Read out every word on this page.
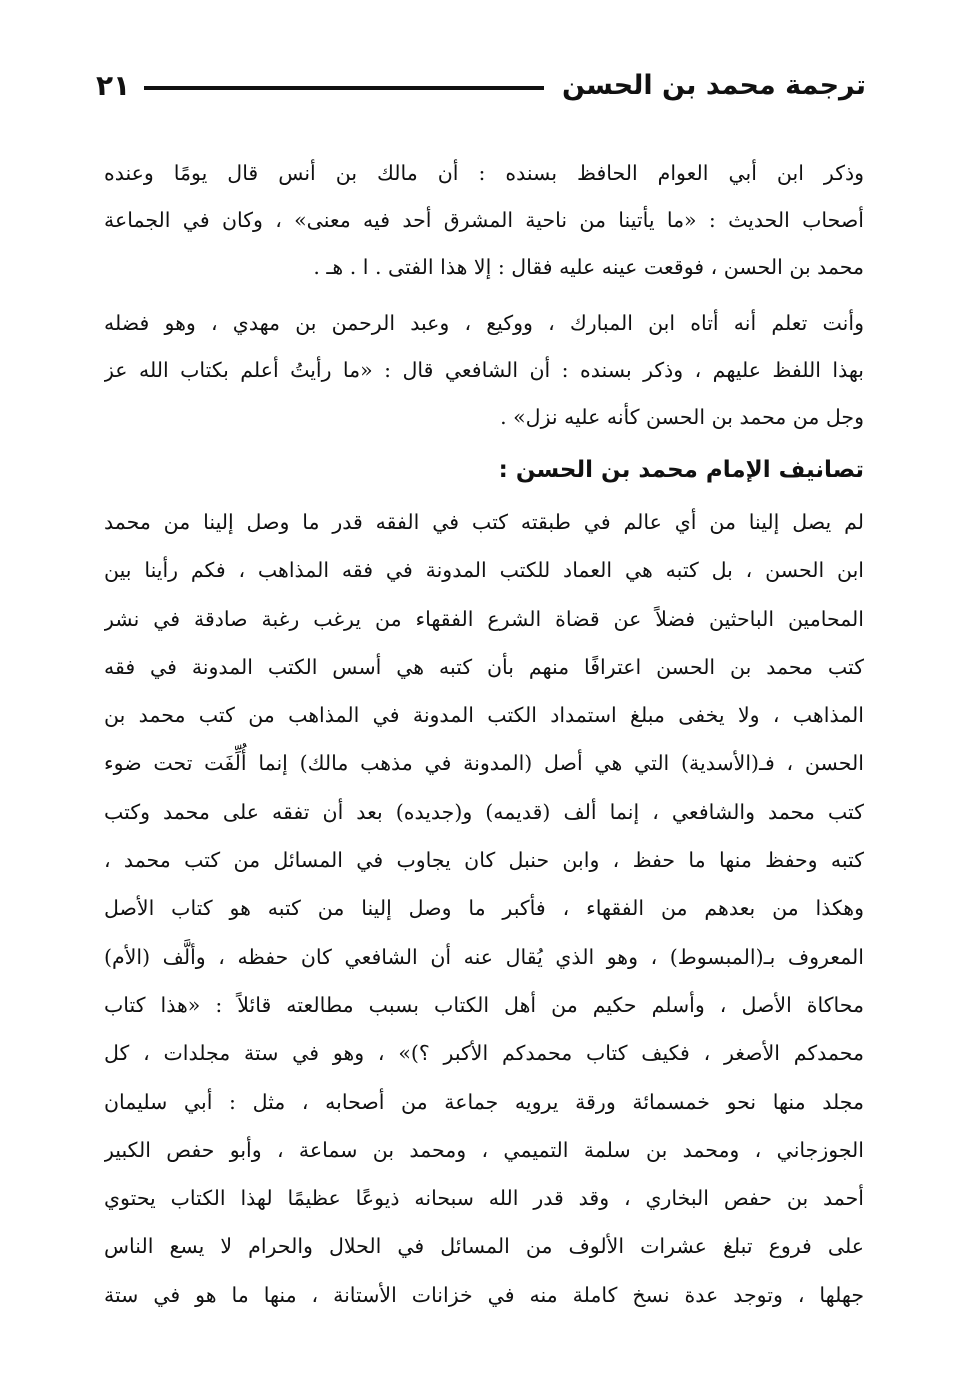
ترجمة محمد بن الحسن
٢١
وذكر ابن أبي العوام الحافظ بسنده : أن مالك بن أنس قال يومًا وعنده
أصحاب الحديث : «ما يأتينا من ناحية المشرق أحد فيه معنى» ، وكان في الجماعة
محمد بن الحسن ، فوقعت عينه عليه فقال : إلا هذا الفتى . ا . هـ .
وأنت تعلم أنه أتاه ابن المبارك ، ووكيع ، وعبد الرحمن بن مهدي ، وهو فضله
بهذا اللفظ عليهم ، وذكر بسنده : أن الشافعي قال : «ما رأيتُ أعلم بكتاب الله عز
وجل من محمد بن الحسن كأنه عليه نزل» .
تصانيف الإمام محمد بن الحسن :
لم يصل إلينا من أي عالم في طبقته كتب في الفقه قدر ما وصل إلينا من محمد
ابن الحسن ، بل كتبه هي العماد للكتب المدونة في فقه المذاهب ، فكم رأينا بين
المحامين الباحثين فضلاً عن قضاة الشرع الفقهاء من يرغب رغبة صادقة في نشر
كتب محمد بن الحسن اعترافًا منهم بأن كتبه هي أسس الكتب المدونة في فقه
المذاهب ، ولا يخفى مبلغ استمداد الكتب المدونة في المذاهب من كتب محمد بن
الحسن ، فـ(الأسدية) التي هي أصل (المدونة في مذهب مالك) إنما أُلِّفَت تحت ضوء
كتب محمد والشافعي ، إنما ألف (قديمه) و(جديده) بعد أن تفقه على محمد وكتب
كتبه وحفظ منها ما حفظ ، وابن حنبل كان يجاوب في المسائل من كتب محمد ،
وهكذا من بعدهم من الفقهاء ، فأكبر ما وصل إلينا من كتبه هو كتاب الأصل
المعروف بـ(المبسوط) ، وهو الذي يُقال عنه أن الشافعي كان حفظه ، وألَّف (الأم)
محاكاة الأصل ، وأسلم حكيم من أهل الكتاب بسبب مطالعته قائلاً : «هذا كتاب
محمدكم الأصغر ، فكيف كتاب محمدكم الأكبر ؟)» ، وهو في ستة مجلدات ، كل
مجلد منها نحو خمسمائة ورقة يرويه جماعة من أصحابه ، مثل : أبي سليمان
الجوزجاني ، ومحمد بن سلمة التميمي ، ومحمد بن سماعة ، وأبو حفص الكبير
أحمد بن حفص البخاري ، وقد قدر الله سبحانه ذيوعًا عظيمًا لهذا الكتاب يحتوي
على فروع تبلغ عشرات الألوف من المسائل في الحلال والحرام لا يسع الناس
جهلها ، وتوجد عدة نسخ كاملة منه في خزانات الأستانة ، منها ما هو في ستة
